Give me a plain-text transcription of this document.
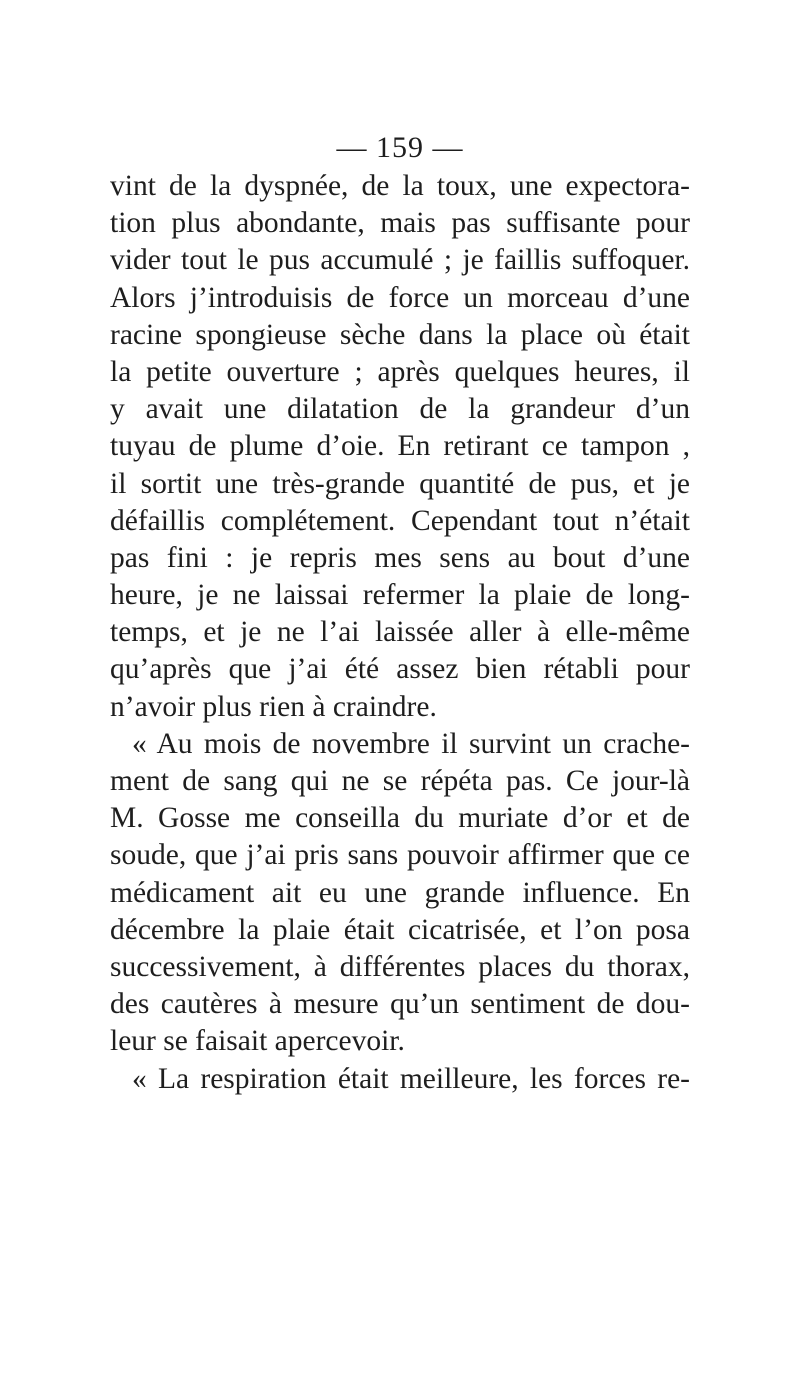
— 159 —
vint de la dyspnée, de la toux, une expectora-
tion plus abondante, mais pas suffisante pour
vider tout le pus accumulé ; je faillis suffoquer.
Alors j’introduisis de force un morceau d’une
racine spongieuse sèche dans la place où était
la petite ouverture ; après quelques heures, il
y avait une dilatation de la grandeur d’un
tuyau de plume d’oie. En retirant ce tampon ,
il sortit une très-grande quantité de pus, et je
défaillis complétement. Cependant tout n’était
pas fini : je repris mes sens au bout d’une
heure, je ne laissai refermer la plaie de long-
temps, et je ne l’ai laissée aller à elle-même
qu’après que j’ai été assez bien rétabli pour
n’avoir plus rien à craindre.
« Au mois de novembre il survint un crache-
ment de sang qui ne se répéta pas. Ce jour-là
M. Gosse me conseilla du muriate d’or et de
soude, que j’ai pris sans pouvoir affirmer que ce
médicament ait eu une grande influence. En
décembre la plaie était cicatrisée, et l’on posa
successivement, à différentes places du thorax,
des cautères à mesure qu’un sentiment de dou-
leur se faisait apercevoir.
« La respiration était meilleure, les forces re-
